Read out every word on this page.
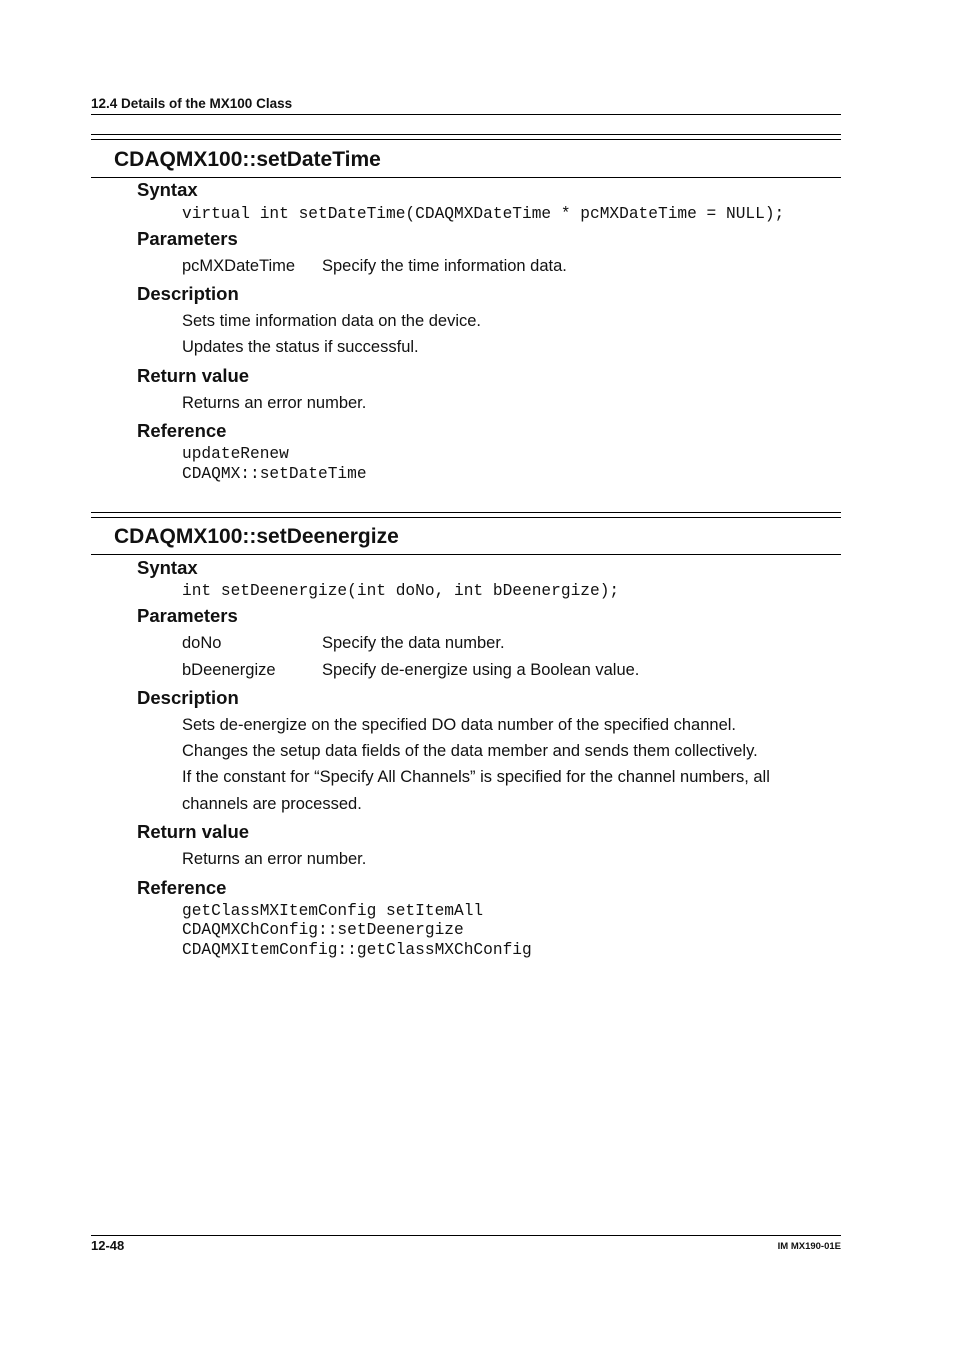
12.4 Details of the MX100 Class
CDAQMX100::setDateTime
Syntax
virtual int setDateTime(CDAQMXDateTime * pcMXDateTime = NULL);
Parameters
pcMXDateTime Specify the time information data.
Description
Sets time information data on the device.
Updates the status if successful.
Return value
Returns an error number.
Reference
updateRenew
CDAQMX::setDateTime
CDAQMX100::setDeenergize
Syntax
int setDeenergize(int doNo, int bDeenergize);
Parameters
doNo	Specify the data number.
bDeenergize	Specify de-energize using a Boolean value.
Description
Sets de-energize on the specified DO data number of the specified channel.
Changes the setup data fields of the data member and sends them collectively.
If the constant for “Specify All Channels” is specified for the channel numbers, all channels are processed.
Return value
Returns an error number.
Reference
getClassMXItemConfig setItemAll
CDAQMXChConfig::setDeenergize
CDAQMXItemConfig::getClassMXChConfig
12-48	IM MX190-01E
